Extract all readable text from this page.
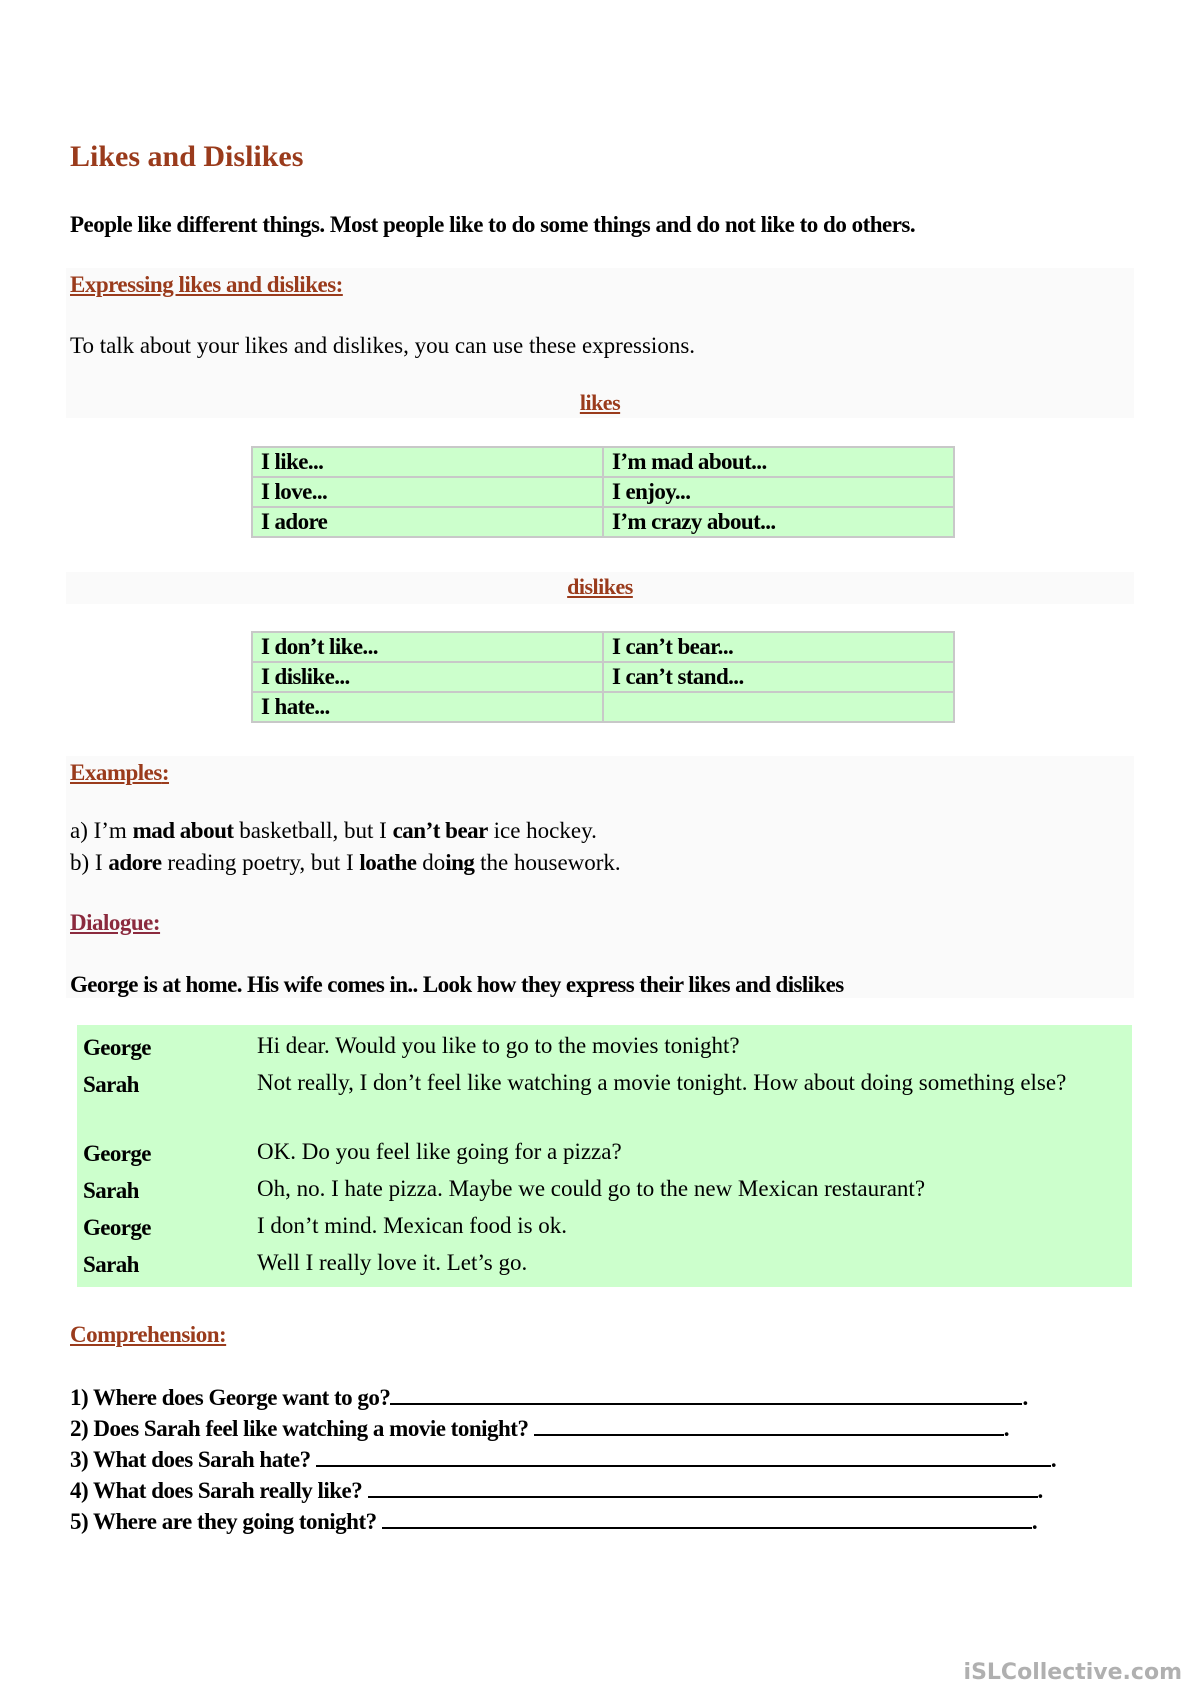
Likes and Dislikes

People like different things. Most people like to do some things and do not like to do others.

Expressing likes and dislikes:
To talk about your likes and dislikes, you can use these expressions.
likes
I like...	I’m mad about...
I love...	I enjoy...
I adore	I’m crazy about...
dislikes
I don’t like...	I can’t bear...
I dislike...	I can’t stand...
I hate...	
Examples:
a) I’m mad about basketball, but I can’t bear ice hockey.
b) I adore reading poetry, but I loathe doing the housework.
Dialogue:
George is at home. His wife comes in.. Look how they express their likes and dislikes
George	Hi dear. Would you like to go to the movies tonight?
Sarah	Not really, I don’t feel like watching a movie tonight. How about doing something else?
George	OK. Do you feel like going for a pizza?
Sarah	Oh, no. I hate pizza. Maybe we could go to the new Mexican restaurant?
George	I don’t mind. Mexican food is ok.
Sarah	Well I really love it. Let’s go.
Comprehension:
1) Where does George want to go?	.
2) Does Sarah feel like watching a movie tonight?	.
3) What does Sarah hate?	.
4) What does Sarah really like?	.
5) Where are they going tonight?	.
iSLCollective.com
